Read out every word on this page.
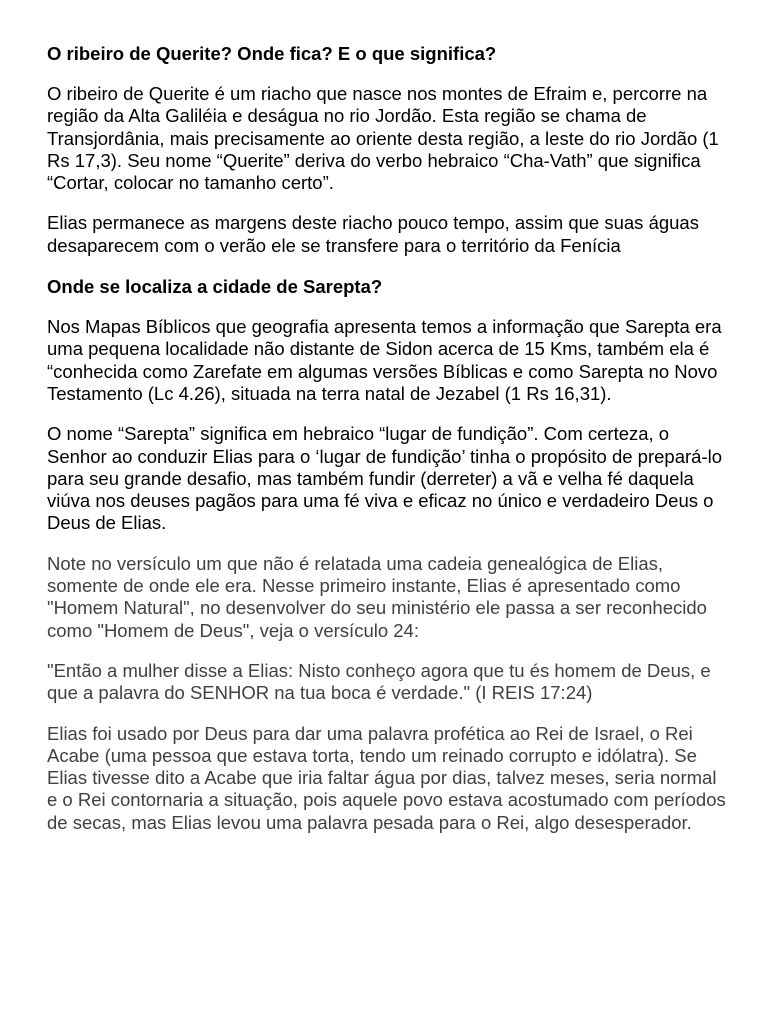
O ribeiro de Querite? Onde fica? E o que significa?
O ribeiro de Querite é um riacho que nasce nos montes de Efraim e, percorre na região da Alta Galiléia e deságua no rio Jordão. Esta região se chama de Transjordânia, mais precisamente ao oriente desta região, a leste do rio Jordão (1 Rs 17,3). Seu nome “Querite” deriva do verbo hebraico “Cha-Vath” que significa “Cortar, colocar no tamanho certo”.
Elias permanece as margens deste riacho pouco tempo, assim que suas águas desaparecem com o verão ele se transfere para o território da Fenícia
Onde se localiza a cidade de Sarepta?
Nos Mapas Bíblicos que geografia apresenta temos a informação que Sarepta era uma pequena localidade não distante de Sidon acerca de 15 Kms, também ela é “conhecida como Zarefate em algumas versões Bíblicas e como Sarepta no Novo Testamento (Lc 4.26), situada na terra natal de Jezabel (1 Rs 16,31).
O nome “Sarepta” significa em hebraico “lugar de fundição”. Com certeza, o Senhor ao conduzir Elias para o ‘lugar de fundição’ tinha o propósito de prepará-lo para seu grande desafio, mas também fundir (derreter) a vã e velha fé daquela viúva nos deuses pagãos para uma fé viva e eficaz no único e verdadeiro Deus o Deus de Elias.
Note no versículo um que não é relatada uma cadeia genealógica de Elias, somente de onde ele era. Nesse primeiro instante, Elias é apresentado como "Homem Natural", no desenvolver do seu ministério ele passa a ser reconhecido como "Homem de Deus", veja o versículo 24:
"Então a mulher disse a Elias: Nisto conheço agora que tu és homem de Deus, e que a palavra do SENHOR na tua boca é verdade." (I REIS 17:24)
Elias foi usado por Deus para dar uma palavra profética ao Rei de Israel, o Rei Acabe (uma pessoa que estava torta, tendo um reinado corrupto e idólatra). Se Elias tivesse dito a Acabe que iria faltar água por dias, talvez meses, seria normal e o Rei contornaria a situação, pois aquele povo estava acostumado com períodos de secas, mas Elias levou uma palavra pesada para o Rei, algo desesperador.
